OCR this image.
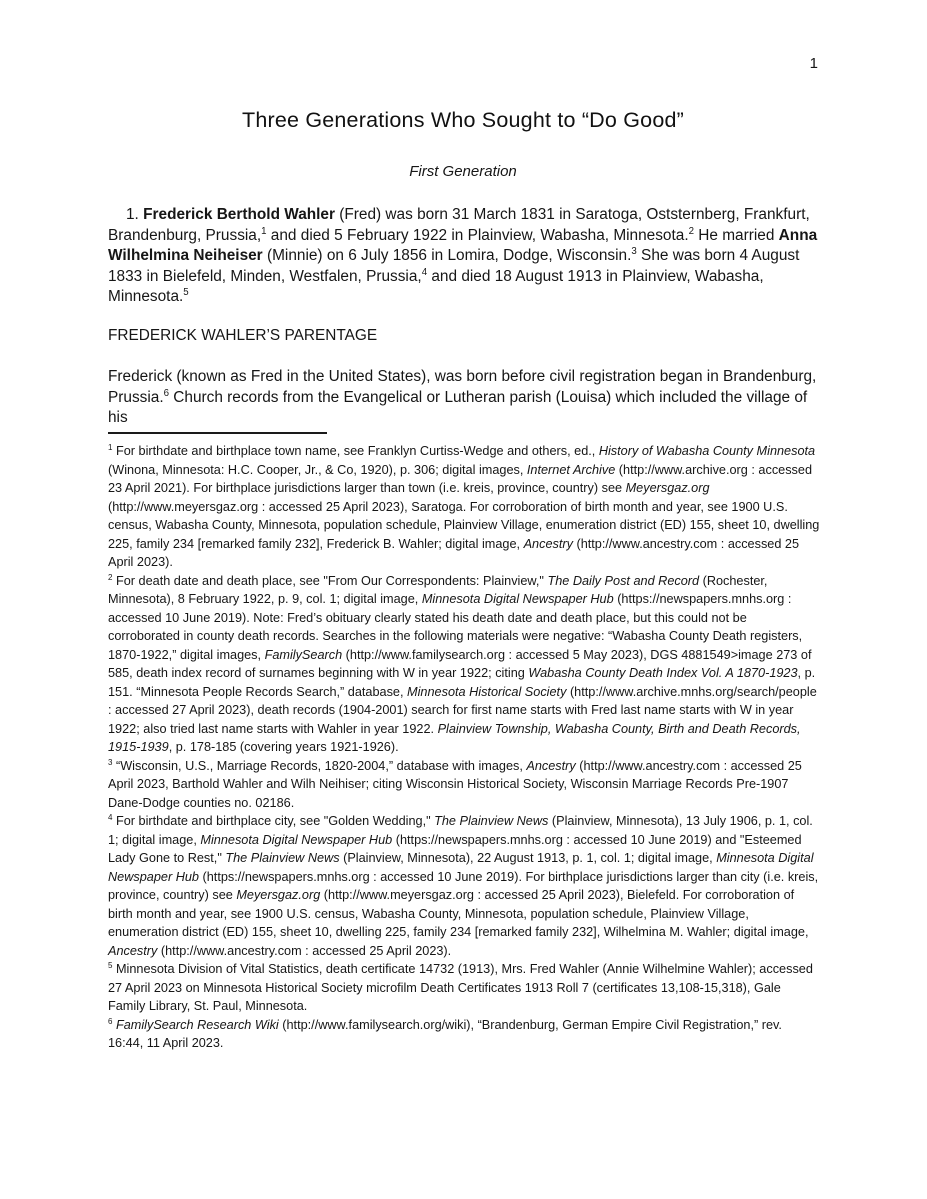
1
Three Generations Who Sought to “Do Good”
First Generation

1. Frederick Berthold Wahler (Fred) was born 31 March 1831 in Saratoga, Oststernberg, Frankfurt, Brandenburg, Prussia,$^1$ and died 5 February 1922 in Plainview, Wabasha, Minnesota.$^2$ He married Anna Wilhelmina Neiheiser (Minnie) on 6 July 1856 in Lomira, Dodge, Wisconsin.$^3$ She was born 4 August 1833 in Bielefeld, Minden, Westfalen, Prussia,$^4$ and died 18 August 1913 in Plainview, Wabasha, Minnesota.$^5$

FREDERICK WAHLER’S PARENTAGE

Frederick (known as Fred in the United States), was born before civil registration began in Brandenburg, Prussia.$^6$ Church records from the Evangelical or Lutheran parish (Louisa) which included the village of his

$^1$ For birthdate and birthplace town name, see Franklyn Curtiss-Wedge and others, ed., History of Wabasha County Minnesota (Winona, Minnesota: H.C. Cooper, Jr., & Co, 1920), p. 306; digital images, Internet Archive (http://www.archive.org : accessed 23 April 2021). For birthplace jurisdictions larger than town (i.e. kreis, province, country) see Meyersgaz.org (http://www.meyersgaz.org : accessed 25 April 2023), Saratoga. For corroboration of birth month and year, see 1900 U.S. census, Wabasha County, Minnesota, population schedule, Plainview Village, enumeration district (ED) 155, sheet 10, dwelling 225, family 234 [remarked family 232], Frederick B. Wahler; digital image, Ancestry (http://www.ancestry.com : accessed 25 April 2023).
$^2$ For death date and death place, see "From Our Correspondents: Plainview," The Daily Post and Record (Rochester, Minnesota), 8 February 1922, p. 9, col. 1; digital image, Minnesota Digital Newspaper Hub (https://newspapers.mnhs.org : accessed 10 June 2019). Note: Fred’s obituary clearly stated his death date and death place, but this could not be corroborated in county death records. Searches in the following materials were negative: “Wabasha County Death registers, 1870-1922,” digital images, FamilySearch (http://www.familysearch.org : accessed 5 May 2023), DGS 4881549>image 273 of 585, death index record of surnames beginning with W in year 1922; citing Wabasha County Death Index Vol. A 1870-1923, p. 151. “Minnesota People Records Search,” database, Minnesota Historical Society (http://www.archive.mnhs.org/search/people : accessed 27 April 2023), death records (1904-2001) search for first name starts with Fred last name starts with W in year 1922; also tried last name starts with Wahler in year 1922. Plainview Township, Wabasha County, Birth and Death Records, 1915-1939, p. 178-185 (covering years 1921-1926).
$^3$ “Wisconsin, U.S., Marriage Records, 1820-2004,” database with images, Ancestry (http://www.ancestry.com : accessed 25 April 2023, Barthold Wahler and Wilh Neihiser; citing Wisconsin Historical Society, Wisconsin Marriage Records Pre-1907 Dane-Dodge counties no. 02186.
$^4$ For birthdate and birthplace city, see "Golden Wedding," The Plainview News (Plainview, Minnesota), 13 July 1906, p. 1, col. 1; digital image, Minnesota Digital Newspaper Hub (https://newspapers.mnhs.org : accessed 10 June 2019) and "Esteemed Lady Gone to Rest," The Plainview News (Plainview, Minnesota), 22 August 1913, p. 1, col. 1; digital image, Minnesota Digital Newspaper Hub (https://newspapers.mnhs.org : accessed 10 June 2019). For birthplace jurisdictions larger than city (i.e. kreis, province, country) see Meyersgaz.org (http://www.meyersgaz.org : accessed 25 April 2023), Bielefeld. For corroboration of birth month and year, see 1900 U.S. census, Wabasha County, Minnesota, population schedule, Plainview Village, enumeration district (ED) 155, sheet 10, dwelling 225, family 234 [remarked family 232], Wilhelmina M. Wahler; digital image, Ancestry (http://www.ancestry.com : accessed 25 April 2023).
$^5$ Minnesota Division of Vital Statistics, death certificate 14732 (1913), Mrs. Fred Wahler (Annie Wilhelmine Wahler); accessed 27 April 2023 on Minnesota Historical Society microfilm Death Certificates 1913 Roll 7 (certificates 13,108-15,318), Gale Family Library, St. Paul, Minnesota.
$^6$ FamilySearch Research Wiki (http://www.familysearch.org/wiki), “Brandenburg, German Empire Civil Registration,” rev. 16:44, 11 April 2023.
